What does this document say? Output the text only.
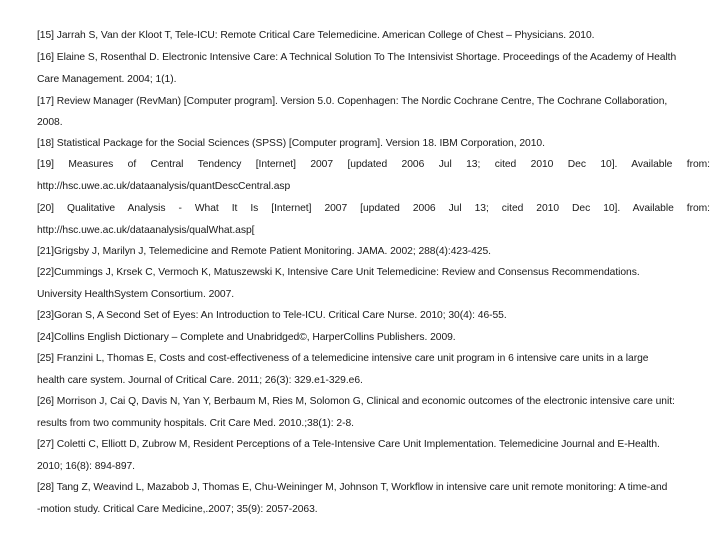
[15] Jarrah S, Van der Kloot T, Tele-ICU: Remote Critical Care Telemedicine. American College of Chest – Physicians. 2010.
[16] Elaine S, Rosenthal D. Electronic Intensive Care: A Technical Solution To The Intensivist Shortage. Proceedings of the Academy of Health
Care Management. 2004; 1(1).
[17] Review Manager (RevMan) [Computer program]. Version 5.0. Copenhagen: The Nordic Cochrane Centre, The Cochrane Collaboration,
2008.
[18] Statistical Package for the Social Sciences (SPSS) [Computer program]. Version 18. IBM Corporation, 2010.
[19] Measures of Central Tendency [Internet] 2007 [updated 2006 Jul 13; cited 2010 Dec 10]. Available from:
http://hsc.uwe.ac.uk/dataanalysis/quantDescCentral.asp
[20] Qualitative Analysis - What It Is [Internet] 2007 [updated 2006 Jul 13; cited 2010 Dec 10]. Available from:
http://hsc.uwe.ac.uk/dataanalysis/qualWhat.asp[
[21]Grigsby J, Marilyn J, Telemedicine and Remote Patient Monitoring. JAMA. 2002; 288(4):423-425.
[22]Cummings J, Krsek C, Vermoch K, Matuszewski K, Intensive Care Unit Telemedicine: Review and Consensus Recommendations.
University HealthSystem Consortium. 2007.
[23]Goran S, A Second Set of Eyes: An Introduction to Tele-ICU. Critical Care Nurse. 2010; 30(4): 46-55.
[24]Collins English Dictionary – Complete and Unabridged©, HarperCollins Publishers. 2009.
[25] Franzini L, Thomas E, Costs and cost-effectiveness of a telemedicine intensive care unit program in 6 intensive care units in a large
health care system. Journal of Critical Care. 2011; 26(3): 329.e1-329.e6.
[26] Morrison J, Cai Q, Davis N, Yan Y, Berbaum M, Ries M, Solomon G, Clinical and economic outcomes of the electronic intensive care unit:
results from two community hospitals. Crit Care Med. 2010.;38(1): 2-8.
[27] Coletti C, Elliott D, Zubrow M, Resident Perceptions of a Tele-Intensive Care Unit Implementation. Telemedicine Journal and E-Health.
2010; 16(8): 894-897.
[28] Tang Z, Weavind L, Mazabob J, Thomas E, Chu-Weininger M, Johnson T, Workflow in intensive care unit remote monitoring: A time-and
-motion study. Critical Care Medicine,.2007; 35(9): 2057-2063.
